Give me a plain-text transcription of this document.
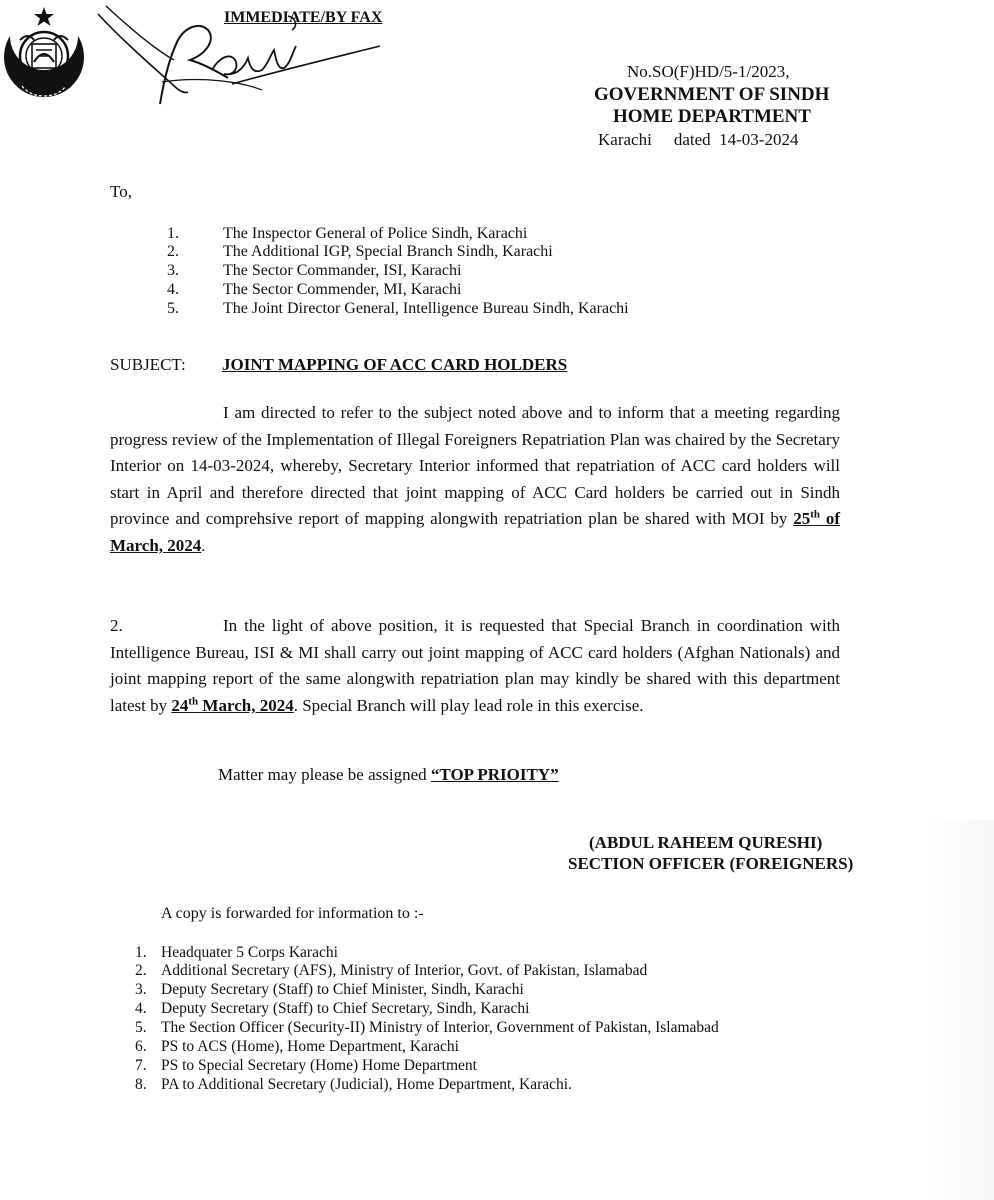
IMMEDIATE/BY FAX

No.SO(F)HD/5-1/2023,
GOVERNMENT OF SINDH
HOME DEPARTMENT
Karachi dated 14-03-2024
To,
1.	The Inspector General of Police Sindh, Karachi
2.	The Additional IGP, Special Branch Sindh, Karachi
3.	The Sector Commander, ISI, Karachi
4.	The Sector Commender, MI, Karachi
5.	The Joint Director General, Intelligence Bureau Sindh, Karachi
SUBJECT: JOINT MAPPING OF ACC CARD HOLDERS
I am directed to refer to the subject noted above and to inform that a meeting regarding progress review of the Implementation of Illegal Foreigners Repatriation Plan was chaired by the Secretary Interior on 14-03-2024, whereby, Secretary Interior informed that repatriation of ACC card holders will start in April and therefore directed that joint mapping of ACC Card holders be carried out in Sindh province and comprehsive report of mapping alongwith repatriation plan be shared with MOI by 25th of March, 2024.
2.	In the light of above position, it is requested that Special Branch in coordination with Intelligence Bureau, ISI & MI shall carry out joint mapping of ACC card holders (Afghan Nationals) and joint mapping report of the same alongwith repatriation plan may kindly be shared with this department latest by 24th March, 2024. Special Branch will play lead role in this exercise.
Matter may please be assigned “TOP PRIOITY”
(ABDUL RAHEEM QURESHI)
SECTION OFFICER (FOREIGNERS)
A copy is forwarded for information to :-
1. Headquater 5 Corps Karachi
2. Additional Secretary (AFS), Ministry of Interior, Govt. of Pakistan, Islamabad
3. Deputy Secretary (Staff) to Chief Minister, Sindh, Karachi
4. Deputy Secretary (Staff) to Chief Secretary, Sindh, Karachi
5. The Section Officer (Security-II) Ministry of Interior, Government of Pakistan, Islamabad
6. PS to ACS (Home), Home Department, Karachi
7. PS to Special Secretary (Home) Home Department
8. PA to Additional Secretary (Judicial), Home Department, Karachi.
